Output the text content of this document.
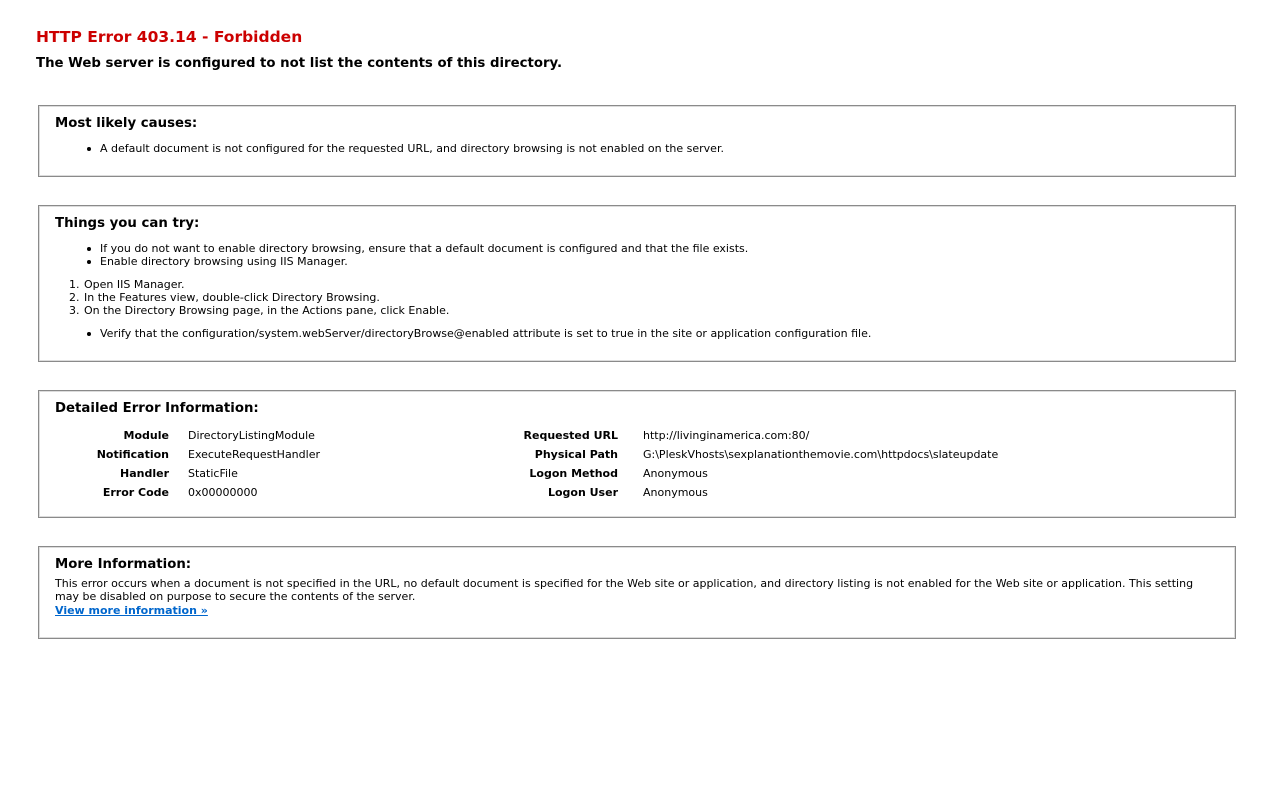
HTTP Error 403.14 - Forbidden
The Web server is configured to not list the contents of this directory.
Most likely causes:
A default document is not configured for the requested URL, and directory browsing is not enabled on the server.
Things you can try:
If you do not want to enable directory browsing, ensure that a default document is configured and that the file exists.
Enable directory browsing using IIS Manager.
1. Open IIS Manager.
2. In the Features view, double-click Directory Browsing.
3. On the Directory Browsing page, in the Actions pane, click Enable.
Verify that the configuration/system.webServer/directoryBrowse@enabled attribute is set to true in the site or application configuration file.
Detailed Error Information:
Module DirectoryListingModule
Notification ExecuteRequestHandler
Handler StaticFile
Error Code 0x00000000
Requested URL http://livinginamerica.com:80/
Physical Path G:\PleskVhosts\sexplanationthemovie.com\httpdocs\slateupdate
Logon Method Anonymous
Logon User Anonymous
More Information:
This error occurs when a document is not specified in the URL, no default document is specified for the Web site or application, and directory listing is not enabled for the Web site or application. This setting may be disabled on purpose to secure the contents of the server.
View more information »
